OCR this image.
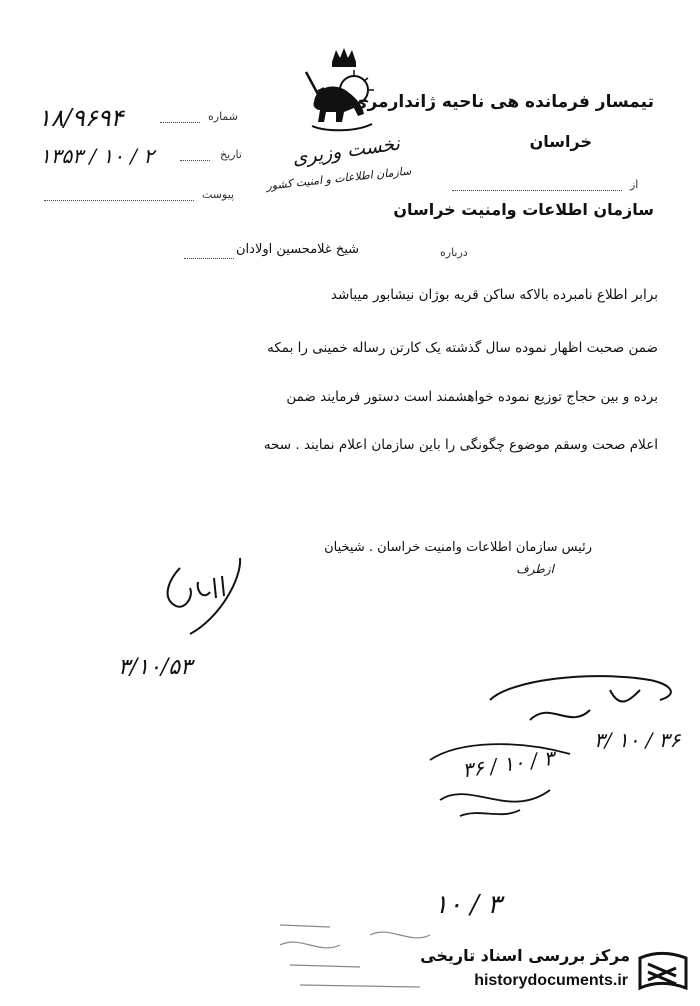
نخست وزیری
سازمان اطلاعات و امنیت کشور
۱۸/۹۶۹۴	شماره
۱۳۵۳ / ۱۰ / ۲	تاریخ
پیوست
تیمسار فرمانده هی ناحیه ژاندارمری
خراسان
از
سازمان اطلاعات وامنیت خراسان
شیخ غلامحسین اولادان	درباره
برابر اطلاع نامبرده بالاکه ساکن قریه بوژان نیشابور میباشد
ضمن صحبت اظهار نموده سال گذشته یک کارتن رساله خمینی را بمکه
برده و بین حجاج توزیع نموده خواهشمند است دستور فرمایند ضمن
اعلام صحت وسقم موضوع چگونگی را باین سازمان اعلام نمایند . سحه
رئیس سازمان اطلاعات وامنیت خراسان . شیخیان
ازطرف
۳/۱۰/۵۳
۳/ ۱۰ / ۳۶
۳۶ / ۱۰ / ۳
۱۰ / ۳
مرکز بررسی اسناد تاریخی
historydocuments.ir
